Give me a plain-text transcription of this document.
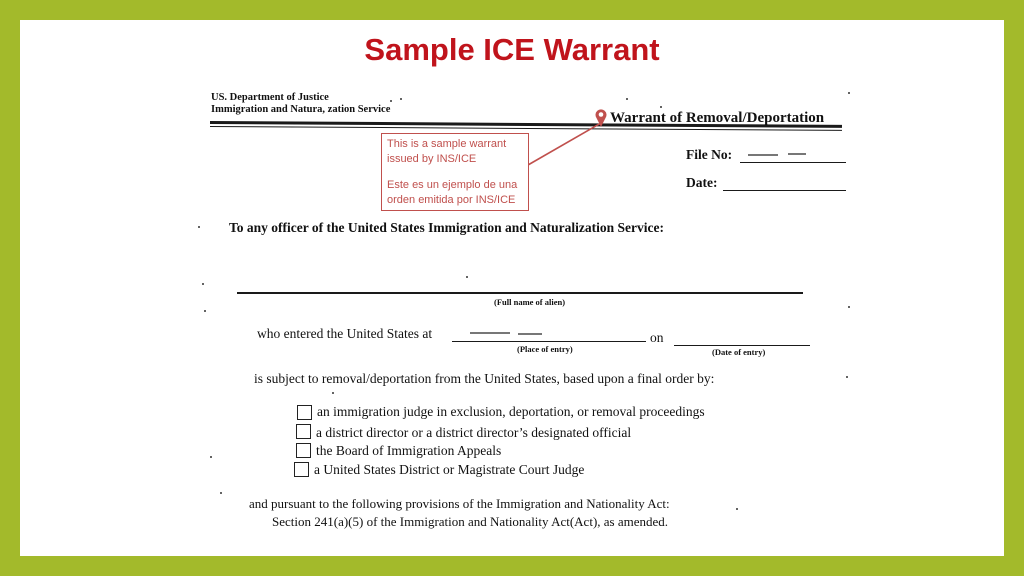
Sample ICE Warrant
US. Department of Justice
Immigration and Natura, zation Service
Warrant of Removal/Deportation
File No:
Date:
To any officer of the United States Immigration and Naturalization Service:
(Full name of alien)
who entered the United States at
(Place of entry)
on
(Date of entry)
is subject to removal/deportation from the United States, based upon a final order by:
an immigration judge in exclusion, deportation, or removal proceedings
a district director or a district director’s designated official
the Board of Immigration Appeals
a United States District or Magistrate Court Judge
and pursuant to the following provisions of the Immigration and Nationality Act:
Section 241(a)(5) of the Immigration and Nationality Act(Act), as amended.
This is a sample warrant
issued by INS/ICE
Este es un ejemplo de una
orden emitida por INS/ICE
